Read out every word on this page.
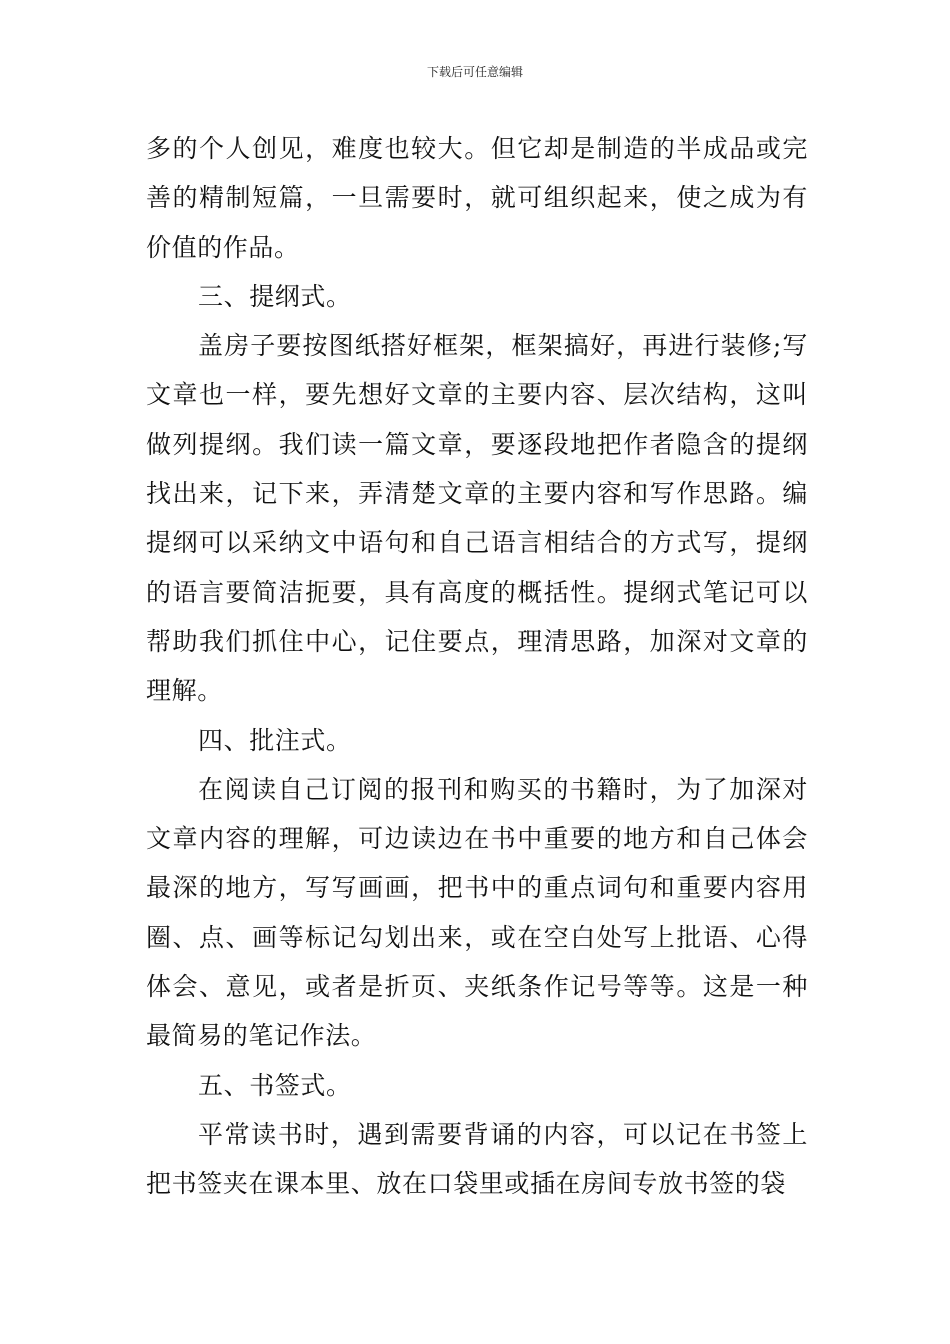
下载后可任意编辑

多的个人创见，难度也较大。但它却是制造的半成品或完善的精制短篇，一旦需要时，就可组织起来，使之成为有价值的作品。

三、提纲式。

盖房子要按图纸搭好框架，框架搞好，再进行装修;写文章也一样，要先想好文章的主要内容、层次结构，这叫做列提纲。我们读一篇文章，要逐段地把作者隐含的提纲找出来，记下来，弄清楚文章的主要内容和写作思路。编提纲可以采纳文中语句和自己语言相结合的方式写，提纲的语言要简洁扼要，具有高度的概括性。提纲式笔记可以帮助我们抓住中心，记住要点，理清思路，加深对文章的理解。

四、批注式。

在阅读自己订阅的报刊和购买的书籍时，为了加深对文章内容的理解，可边读边在书中重要的地方和自己体会最深的地方，写写画画，把书中的重点词句和重要内容用圈、点、画等标记勾划出来，或在空白处写上批语、心得体会、意见，或者是折页、夹纸条作记号等等。这是一种最简易的笔记作法。

五、书签式。

平常读书时，遇到需要背诵的内容，可以记在书签上把书签夹在课本里、放在口袋里或插在房间专放书签的袋
